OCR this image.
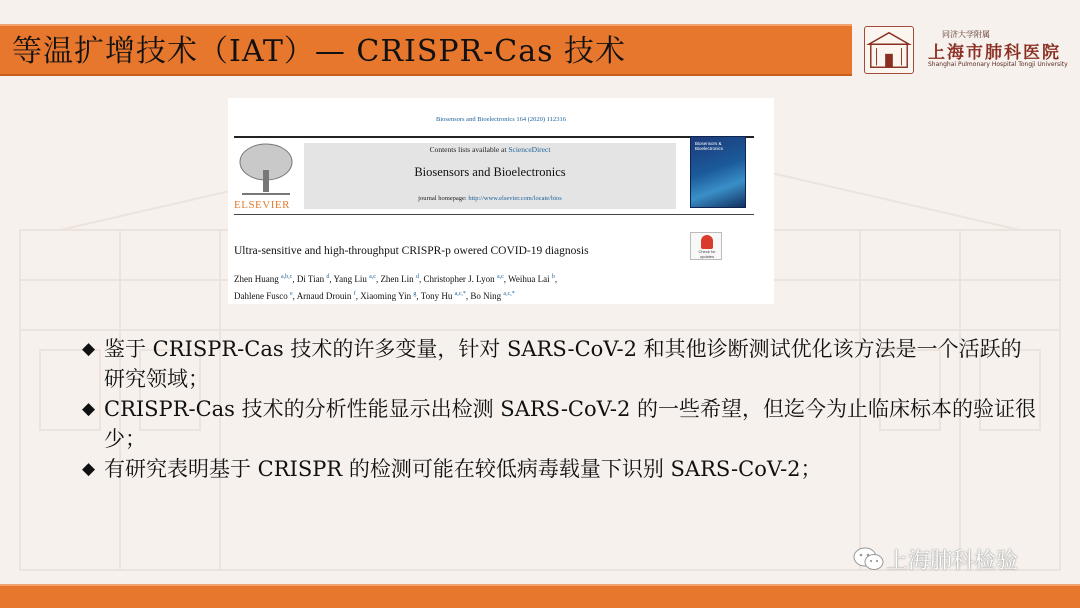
等温扩增技术（IAT）— CRISPR-Cas 技术	同济大学附属
上海市肺科医院
Shanghai Pulmonary Hospital Tongji University
Biosensors and Bioelectronics 164 (2020) 112316
ELSEVIER
Contents lists available at ScienceDirect
Biosensors and Bioelectronics
journal homepage: http://www.elsevier.com/locate/bios
Biosensors & Bioelectronics
Ultra-sensitive and high-throughput CRISPR-p owered COVID-19 diagnosis	Check for updates
Zhen Huang $^{a,b,c}$, Di Tian $^d$, Yang Liu $^{a,c}$, Zhen Lin $^d$, Christopher J. Lyon $^{a,c}$, Weihua Lai $^b$,
Dahlene Fusco $^e$, Arnaud Drouin $^f$, Xiaoming Yin $^g$, Tony Hu $^{a,c,*}$, Bo Ning $^{a,c,*}$
◆ 鉴于 CRISPR-Cas 技术的许多变量，针对 SARS-CoV-2 和其他诊断测试优化该方法是一个活跃的研究领域；
◆ CRISPR-Cas 技术的分析性能显示出检测 SARS-CoV-2 的一些希望，但迄今为止临床标本的验证很少；
◆ 有研究表明基于 CRISPR 的检测可能在较低病毒载量下识别 SARS-CoV-2；
上海肺科检验
